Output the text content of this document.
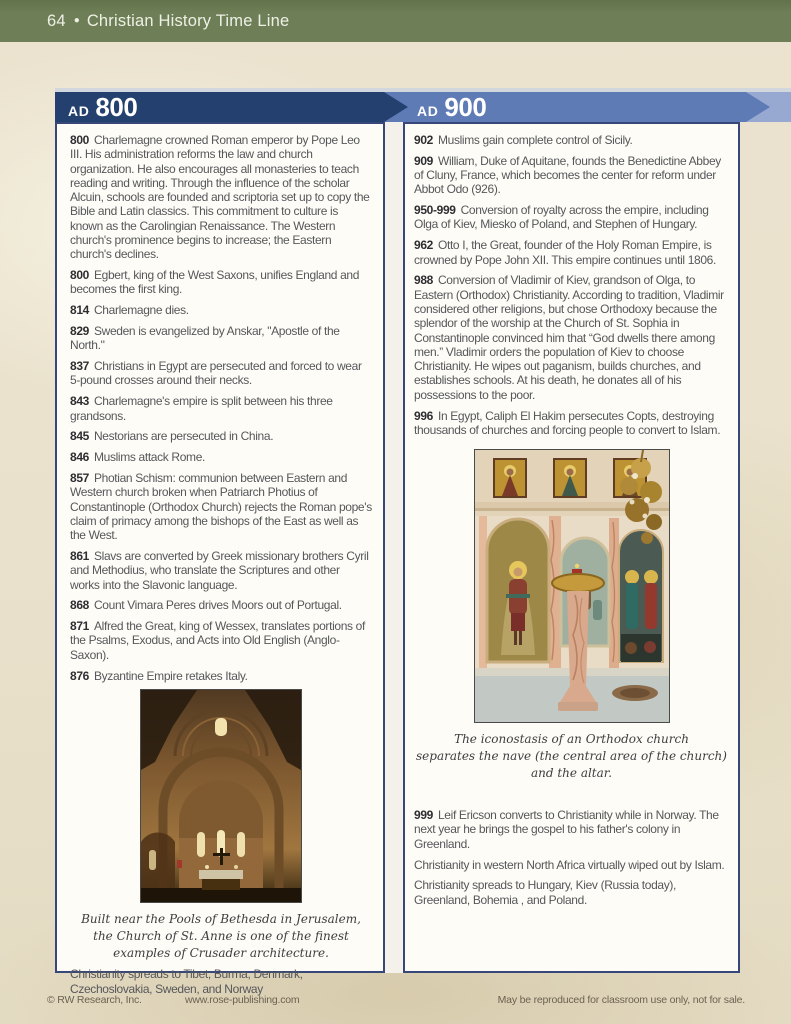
64 ● Christian History Time Line
AD 800	AD 900

800 Charlemagne crowned Roman emperor by Pope Leo III. His administration reforms the law and church organization. He also encourages all monasteries to teach reading and writing. Through the influence of the scholar Alcuin, schools are founded and scriptoria set up to copy the Bible and Latin classics. This commitment to culture is known as the Carolingian Renaissance. The Western church's prominence begins to increase; the Eastern church's declines.

800 Egbert, king of the West Saxons, unifies England and becomes the first king.

814 Charlemagne dies.

829 Sweden is evangelized by Anskar, "Apostle of the North."

837 Christians in Egypt are persecuted and forced to wear 5-pound crosses around their necks.

843 Charlemagne's empire is split between his three grandsons.

845 Nestorians are persecuted in China.

846 Muslims attack Rome.

857 Photian Schism: communion between Eastern and Western church broken when Patriarch Photius of Constantinople (Orthodox Church) rejects the Roman pope's claim of primacy among the bishops of the East as well as the West.

861 Slavs are converted by Greek missionary brothers Cyril and Methodius, who translate the Scriptures and other works into the Slavonic language.

868 Count Vimara Peres drives Moors out of Portugal.

871 Alfred the Great, king of Wessex, translates portions of the Psalms, Exodus, and Acts into Old English (Anglo-Saxon).

876 Byzantine Empire retakes Italy.

Built near the Pools of Bethesda in Jerusalem,
the Church of St. Anne is one of the finest
examples of Crusader architecture.

Christianity spreads to Tibet, Burma, Denmark, Czechoslovakia, Sweden, and Norway

902 Muslims gain complete control of Sicily.

909 William, Duke of Aquitane, founds the Benedictine Abbey of Cluny, France, which becomes the center for reform under Abbot Odo (926).

950-999 Conversion of royalty across the empire, including Olga of Kiev, Miesko of Poland, and Stephen of Hungary.

962 Otto I, the Great, founder of the Holy Roman Empire, is crowned by Pope John XII. This empire continues until 1806.

988 Conversion of Vladimir of Kiev, grandson of Olga, to Eastern (Orthodox) Christianity. According to tradition, Vladimir considered other religions, but chose Orthodoxy because the splendor of the worship at the Church of St. Sophia in Constantinople convinced him that “God dwells there among men.” Vladimir orders the population of Kiev to choose Christianity. He wipes out paganism, builds churches, and establishes schools. At his death, he donates all of his possessions to the poor.

996 In Egypt, Caliph El Hakim persecutes Copts, destroying thousands of churches and forcing people to convert to Islam.

The iconostasis of an Orthodox church
separates the nave (the central area of the church)
and the altar.

999 Leif Ericson converts to Christianity while in Norway. The next year he brings the gospel to his father's colony in Greenland.

Christianity in western North Africa virtually wiped out by Islam.

Christianity spreads to Hungary, Kiev (Russia today), Greenland, Bohemia , and Poland.

© RW Research, Inc.	www.rose-publishing.com	May be reproduced for classroom use only, not for sale.
